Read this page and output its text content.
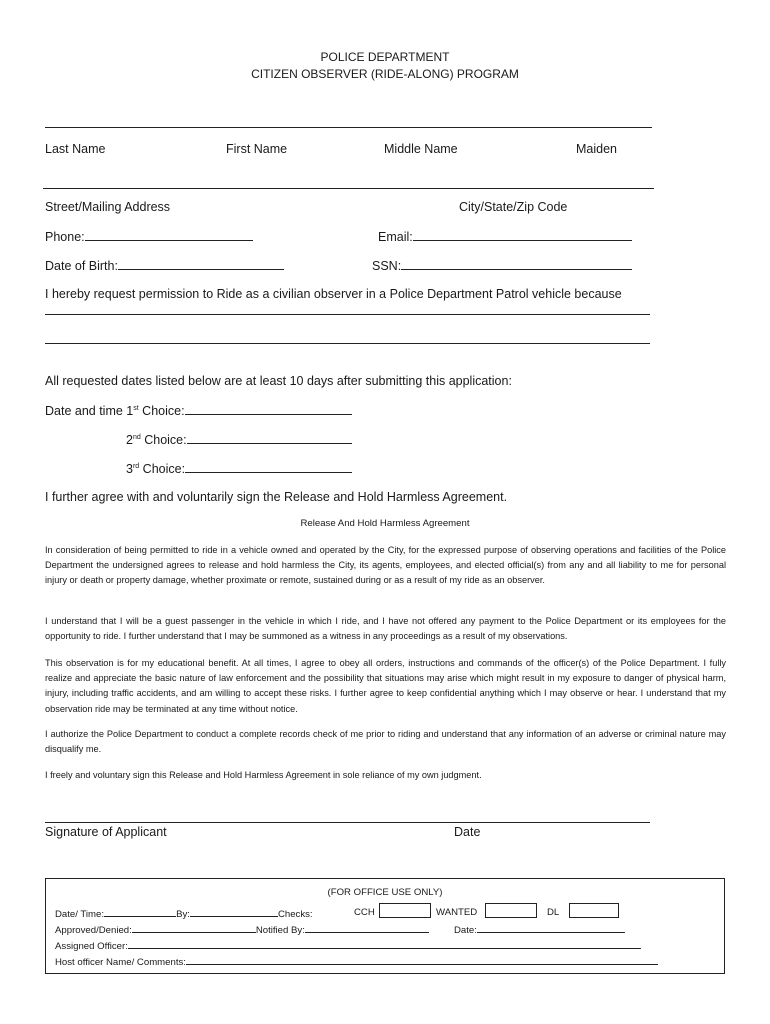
POLICE DEPARTMENT
CITIZEN OBSERVER (RIDE-ALONG) PROGRAM
Last Name	First Name	Middle Name	Maiden
Street/Mailing Address	City/State/Zip Code
Phone:	Email:
Date of Birth:	SSN:
I hereby request permission to Ride as a civilian observer in a Police Department Patrol vehicle because
All requested dates listed below are at least 10 days after submitting this application:
Date and time 1st Choice:
2nd Choice:
3rd Choice:
I further agree with and voluntarily sign the Release and Hold Harmless Agreement.
Release And Hold Harmless Agreement
In consideration of being permitted to ride in a vehicle owned and operated by the City, for the expressed purpose of observing operations and facilities of the Police Department the undersigned agrees to release and hold harmless the City, its agents, employees, and elected official(s) from any and all liability to me for personal injury or death or property damage, whether proximate or remote, sustained during or as a result of my ride as an observer.
I understand that I will be a guest passenger in the vehicle in which I ride, and I have not offered any payment to the Police Department or its employees for the opportunity to ride. I further understand that I may be summoned as a witness in any proceedings as a result of my observations.
This observation is for my educational benefit. At all times, I agree to obey all orders, instructions and commands of the officer(s) of the Police Department. I fully realize and appreciate the basic nature of law enforcement and the possibility that situations may arise which might result in my exposure to danger of physical harm, injury, including traffic accidents, and am willing to accept these risks. I further agree to keep confidential anything which I may observe or hear. I understand that my observation ride may be terminated at any time without notice.
I authorize the Police Department to conduct a complete records check of me prior to riding and understand that any information of an adverse or criminal nature may disqualify me.
I freely and voluntary sign this Release and Hold Harmless Agreement in sole reliance of my own judgment.
Signature of Applicant	Date
(FOR OFFICE USE ONLY)
Date/ Time:	By:	Checks:	CCH	WANTED	DL
Approved/Denied:	Notified By:	Date:
Assigned Officer:
Host officer Name/ Comments:
